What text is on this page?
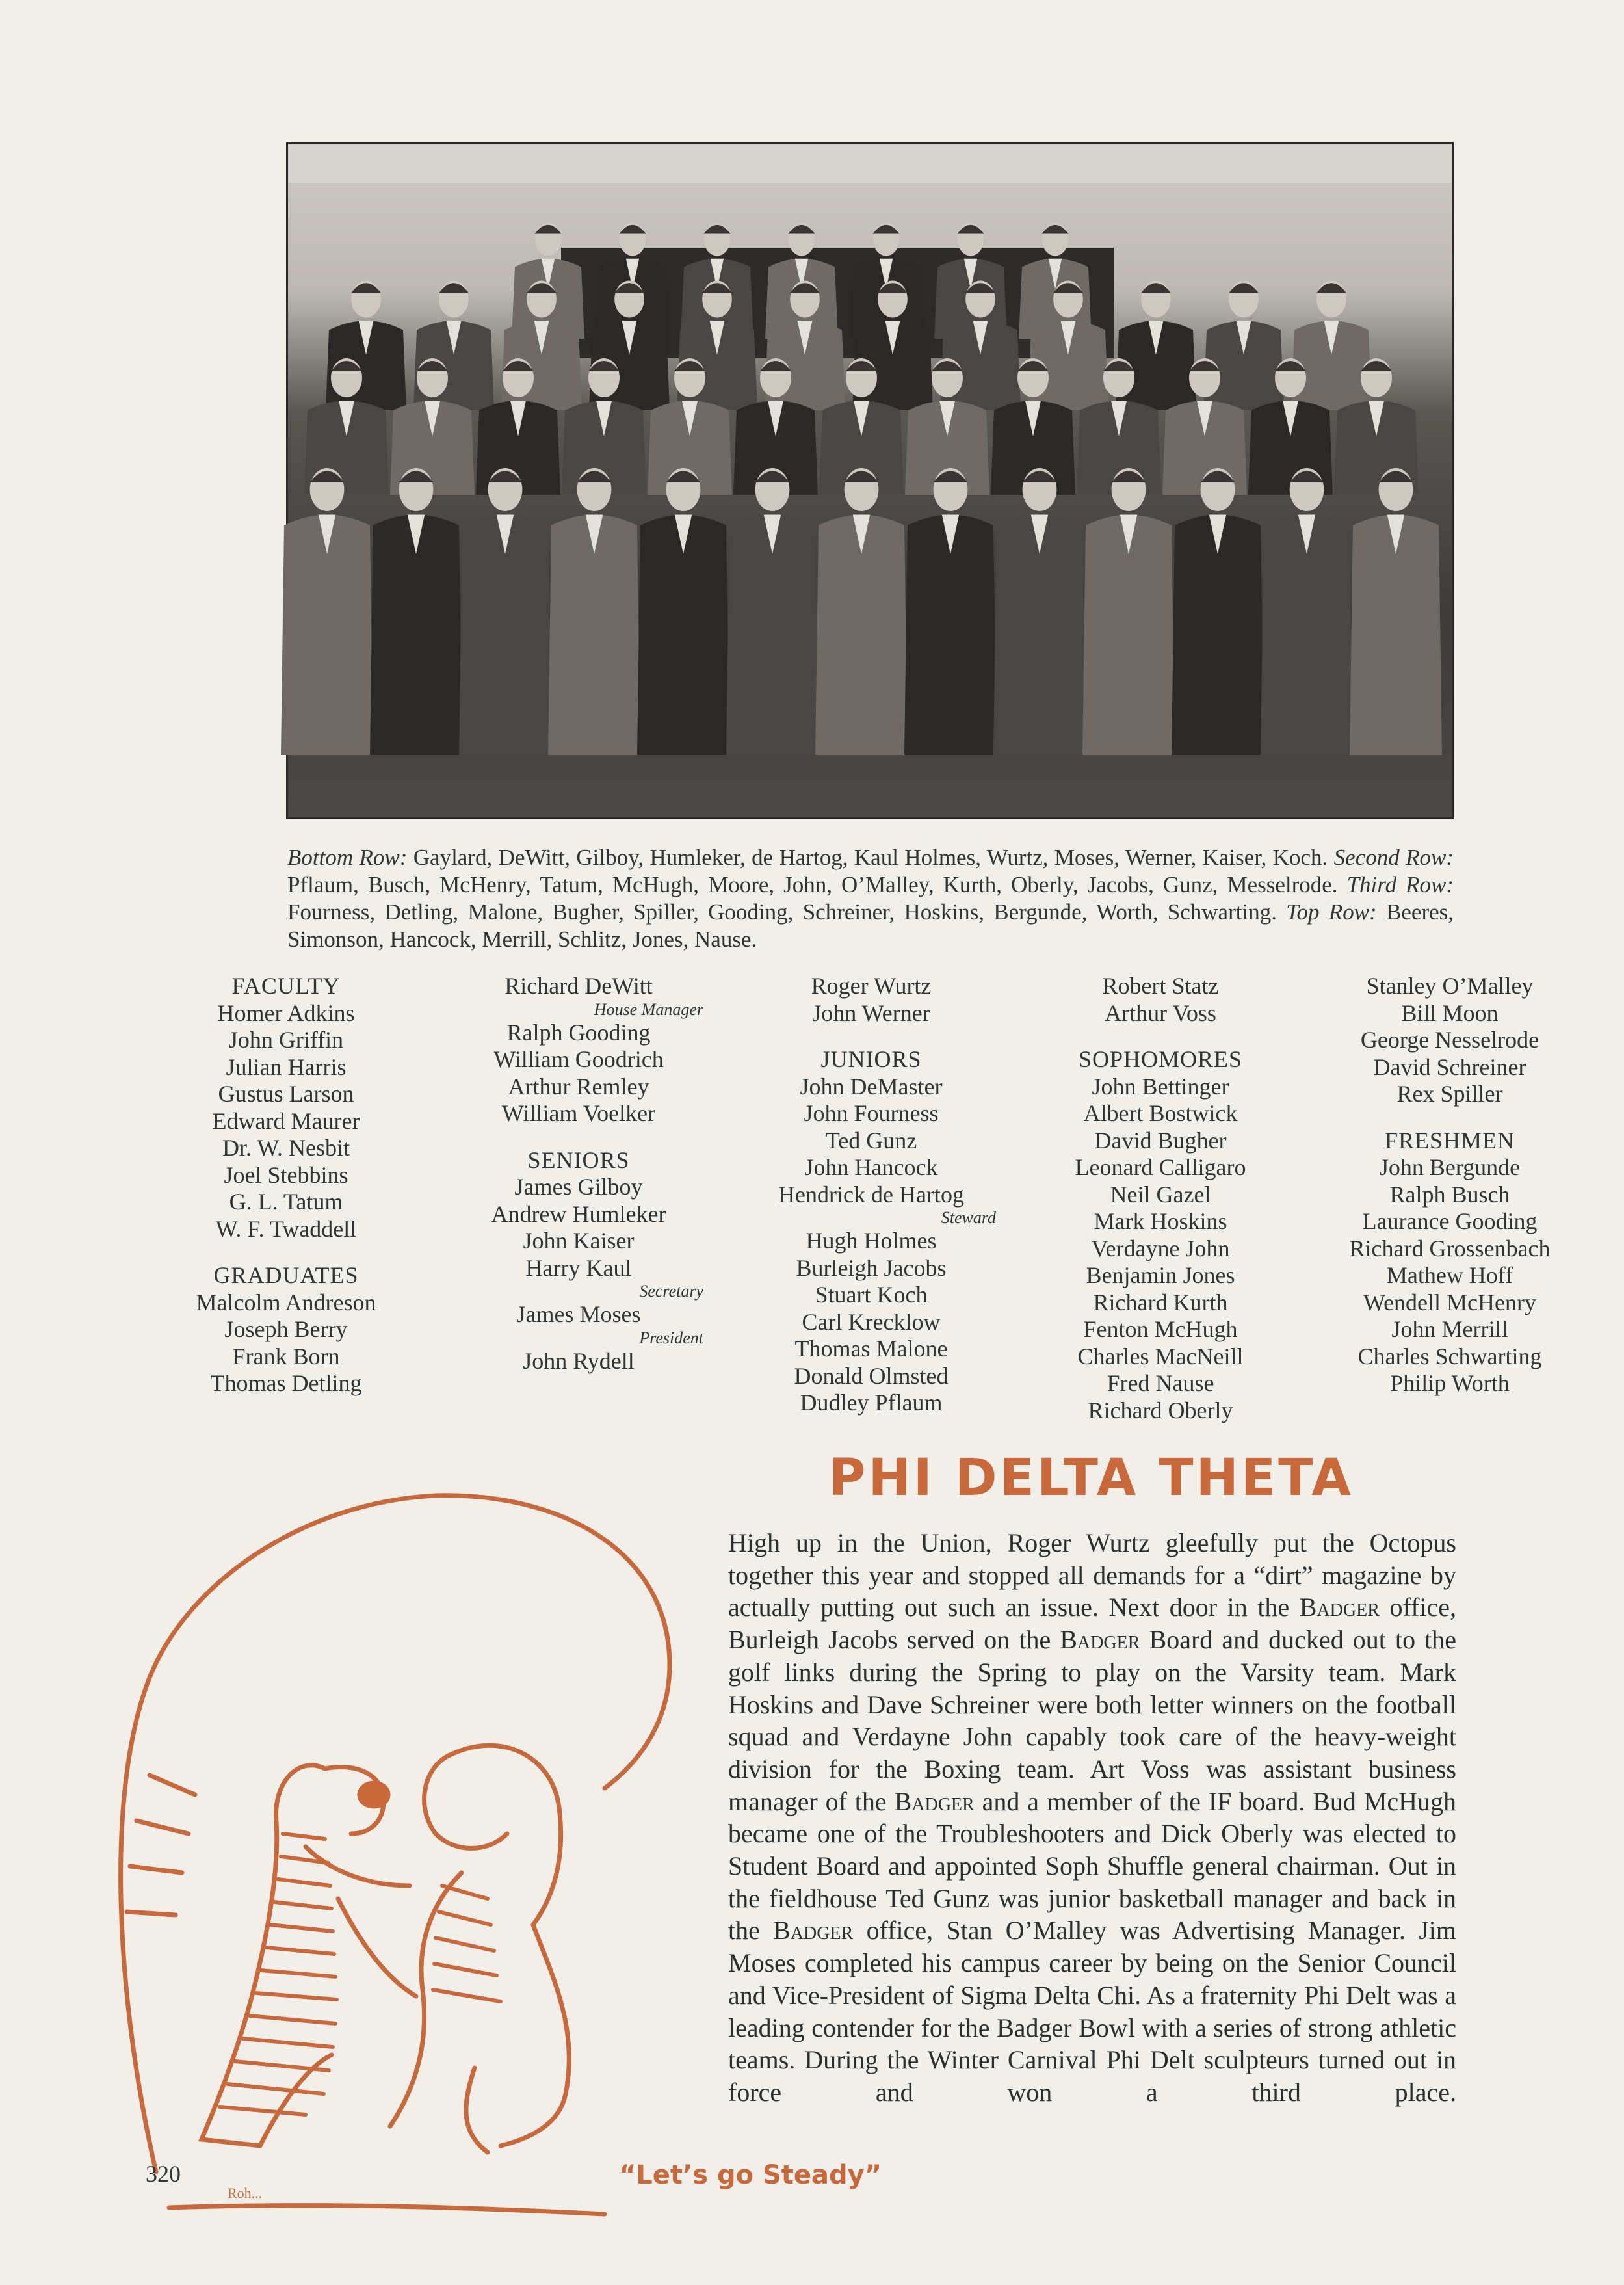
Bottom Row: Gaylard, DeWitt, Gilboy, Humleker, de Hartog, Kaul Holmes, Wurtz, Moses, Werner, Kaiser, Koch. Second Row: Pflaum, Busch, McHenry, Tatum, McHugh, Moore, John, O’Malley, Kurth, Oberly, Jacobs, Gunz, Messelrode. Third Row: Fourness, Detling, Malone, Bugher, Spiller, Gooding, Schreiner, Hoskins, Bergunde, Worth, Schwarting. Top Row: Beeres, Simonson, Hancock, Merrill, Schlitz, Jones, Nause.
FACULTY
Homer Adkins
John Griffin
Julian Harris
Gustus Larson
Edward Maurer
Dr. W. Nesbit
Joel Stebbins
G. L. Tatum
W. F. Twaddell
GRADUATES
Malcolm Andreson
Joseph Berry
Frank Born
Thomas Detling
Richard DeWitt
House Manager
Ralph Gooding
William Goodrich
Arthur Remley
William Voelker
SENIORS
James Gilboy
Andrew Humleker
John Kaiser
Harry Kaul
Secretary
James Moses
President
John Rydell
Roger Wurtz
John Werner
JUNIORS
John DeMaster
John Fourness
Ted Gunz
John Hancock
Hendrick de Hartog
Steward
Hugh Holmes
Burleigh Jacobs
Stuart Koch
Carl Krecklow
Thomas Malone
Donald Olmsted
Dudley Pflaum
Robert Statz
Arthur Voss
SOPHOMORES
John Bettinger
Albert Bostwick
David Bugher
Leonard Calligaro
Neil Gazel
Mark Hoskins
Verdayne John
Benjamin Jones
Richard Kurth
Fenton McHugh
Charles MacNeill
Fred Nause
Richard Oberly
Stanley O’Malley
Bill Moon
George Nesselrode
David Schreiner
Rex Spiller
FRESHMEN
John Bergunde
Ralph Busch
Laurance Gooding
Richard Grossenbach
Mathew Hoff
Wendell McHenry
John Merrill
Charles Schwarting
Philip Worth
PHI DELTA THETA
High up in the Union, Roger Wurtz gleefully put the Octopus together this year and stopped all demands for a “dirt” magazine by actually putting out such an issue. Next door in the Badger office, Burleigh Jacobs served on the Badger Board and ducked out to the golf links during the Spring to play on the Varsity team. Mark Hoskins and Dave Schreiner were both letter winners on the football squad and Verdayne John capably took care of the heavy-weight division for the Boxing team. Art Voss was assistant business manager of the Badger and a member of the IF board. Bud McHugh became one of the Troubleshooters and Dick Oberly was elected to Student Board and appointed Soph Shuffle general chairman. Out in the fieldhouse Ted Gunz was junior basketball manager and back in the Badger office, Stan O’Malley was Advertising Manager. Jim Moses completed his campus career by being on the Senior Council and Vice-President of Sigma Delta Chi. As a fraternity Phi Delt was a leading contender for the Badger Bowl with a series of strong athletic teams. During the Winter Carnival Phi Delt sculpteurs turned out in force and won a third place.
Roh...
320	“Let’s go Steady”
